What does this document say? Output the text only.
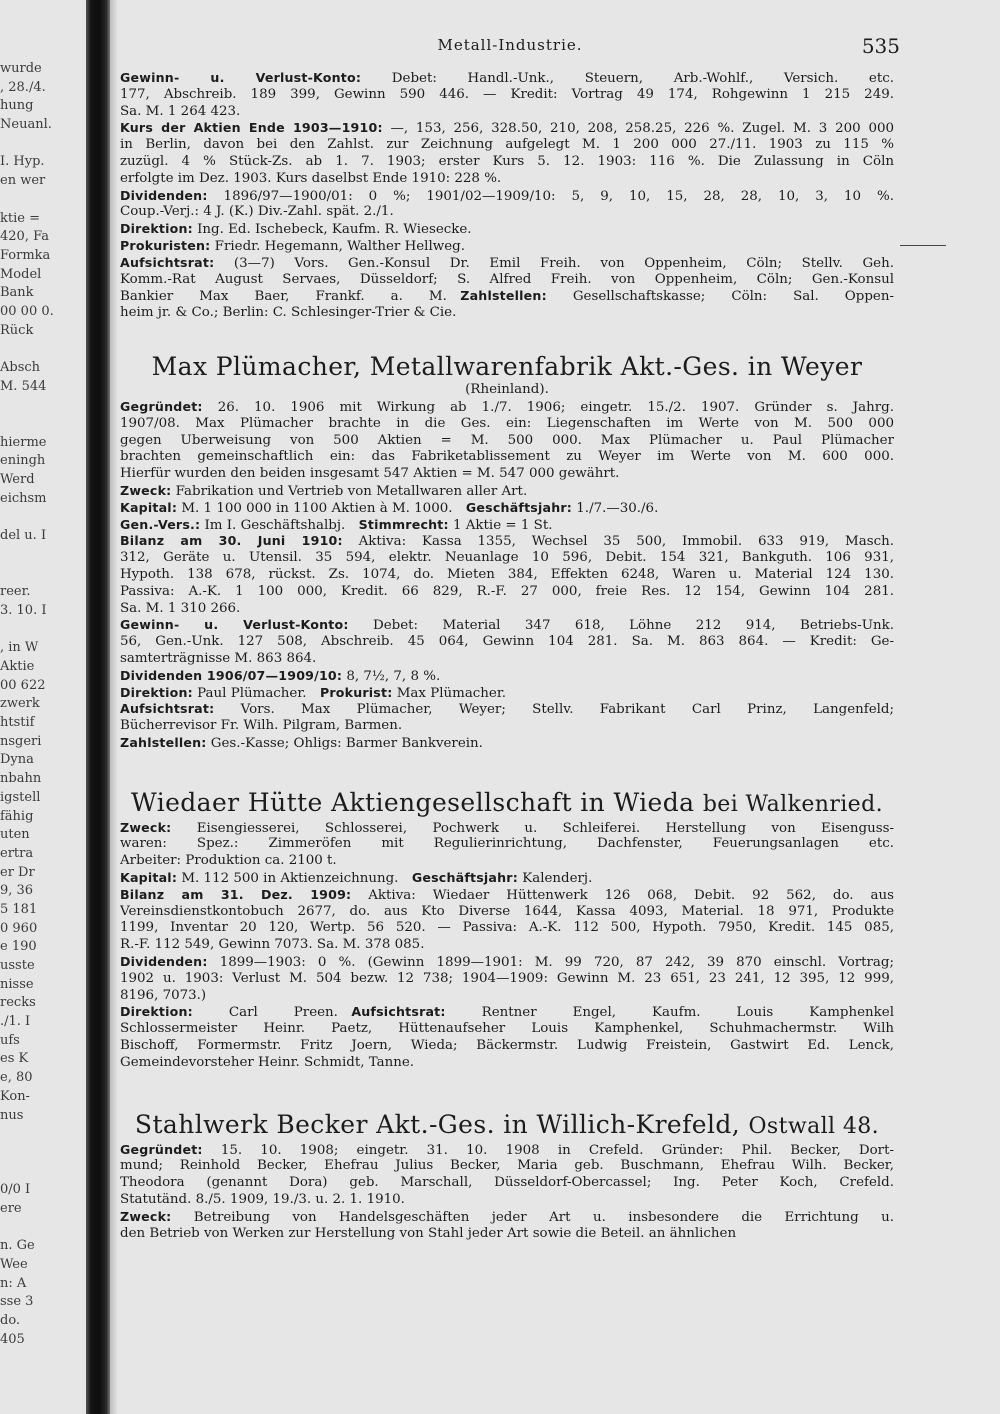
wurde
, 28./4.
hung
Neuanl.
I. Hyp.
en wer
ktie =
420, Fa
Formka
Model
Bank
00 00 0.
Rück
Absch
M. 544
hierme
eningh
Werd
eichsm
del u. I
reer.
3. 10. I
, in W
Aktie
00 622
zwerk
htstif
nsgeri
Dyna
nbahn
igstell
fähig
uten
ertra
er Dr
9, 36
5 181
0 960
e 190
usste
nisse
recks
./1. I
ufs
es K
e, 80
Kon-
nus
0/0 I
ere
n. Ge
Wee
n: A
sse 3
do.
405
Metall-Industrie.	535
Gewinn- u. Verlust-Konto: Debet: Handl.-Unk., Steuern, Arb.-Wohlf., Versich. etc.
177, Abschreib. 189 399, Gewinn 590 446. — Kredit: Vortrag 49 174, Rohgewinn 1 215 249.
Sa. M. 1 264 423.
Kurs der Aktien Ende 1903—1910: —, 153, 256, 328.50, 210, 208, 258.25, 226 %. Zugel. M. 3 200 000
in Berlin, davon bei den Zahlst. zur Zeichnung aufgelegt M. 1 200 000 27./11. 1903 zu 115 %
zuzügl. 4 % Stück-Zs. ab 1. 7. 1903; erster Kurs 5. 12. 1903: 116 %. Die Zulassung in Cöln
erfolgte im Dez. 1903. Kurs daselbst Ende 1910: 228 %.
Dividenden: 1896/97—1900/01: 0 %; 1901/02—1909/10: 5, 9, 10, 15, 28, 28, 10, 3, 10 %.
Coup.-Verj.: 4 J. (K.) Div.-Zahl. spät. 2./1.
Direktion: Ing. Ed. Ischebeck, Kaufm. R. Wiesecke.
Prokuristen: Friedr. Hegemann, Walther Hellweg.
Aufsichtsrat: (3—7) Vors. Gen.-Konsul Dr. Emil Freih. von Oppenheim, Cöln; Stellv. Geh.
Komm.-Rat August Servaes, Düsseldorf; S. Alfred Freih. von Oppenheim, Cöln; Gen.-Konsul
Bankier Max Baer, Frankf. a. M.  Zahlstellen: Gesellschaftskasse; Cöln: Sal. Oppen-
heim jr. & Co.; Berlin: C. Schlesinger-Trier & Cie.
Max Plümacher, Metallwarenfabrik Akt.-Ges. in Weyer
(Rheinland).
Gegründet: 26. 10. 1906 mit Wirkung ab 1./7. 1906; eingetr. 15./2. 1907. Gründer s. Jahrg.
1907/08. Max Plümacher brachte in die Ges. ein: Liegenschaften im Werte von M. 500 000
gegen Überweisung von 500 Aktien = M. 500 000. Max Plümacher u. Paul Plümacher
brachten gemeinschaftlich ein: das Fabriketablissement zu Weyer im Werte von M. 600 000.
Hierfür wurden den beiden insgesamt 547 Aktien = M. 547 000 gewährt.
Zweck: Fabrikation und Vertrieb von Metallwaren aller Art.
Kapital: M. 1 100 000 in 1100 Aktien à M. 1000.  Geschäftsjahr: 1./7.—30./6.
Gen.-Vers.: Im I. Geschäftshalbj.  Stimmrecht: 1 Aktie = 1 St.
Bilanz am 30. Juni 1910: Aktiva: Kassa 1355, Wechsel 35 500, Immobil. 633 919, Masch.
312, Geräte u. Utensil. 35 594, elektr. Neuanlage 10 596, Debit. 154 321, Bankguth. 106 931,
Hypoth. 138 678, rückst. Zs. 1074, do. Mieten 384, Effekten 6248, Waren u. Material 124 130.
Passiva: A.-K. 1 100 000, Kredit. 66 829, R.-F. 27 000, freie Res. 12 154, Gewinn 104 281.
Sa. M. 1 310 266.
Gewinn- u. Verlust-Konto: Debet: Material 347 618, Löhne 212 914, Betriebs-Unk.
56, Gen.-Unk. 127 508, Abschreib. 45 064, Gewinn 104 281. Sa. M. 863 864. — Kredit: Ge-
samterträgnisse M. 863 864.
Dividenden 1906/07—1909/10: 8, 7½, 7, 8 %.
Direktion: Paul Plümacher.  Prokurist: Max Plümacher.
Aufsichtsrat: Vors. Max Plümacher, Weyer; Stellv. Fabrikant Carl Prinz, Langenfeld;
Bücherrevisor Fr. Wilh. Pilgram, Barmen.
Zahlstellen: Ges.-Kasse; Ohligs: Barmer Bankverein.
Wiedaer Hütte Aktiengesellschaft in Wieda bei Walkenried.
Zweck: Eisengiesserei, Schlosserei, Pochwerk u. Schleiferei. Herstellung von Eisenguss-
waren: Spez.: Zimmeröfen mit Regulierinrichtung, Dachfenster, Feuerungsanlagen etc.
Arbeiter: Produktion ca. 2100 t.
Kapital: M. 112 500 in Aktienzeichnung.  Geschäftsjahr: Kalenderj.
Bilanz am 31. Dez. 1909: Aktiva: Wiedaer Hüttenwerk 126 068, Debit. 92 562, do. aus
Vereinsdienstkontobuch 2677, do. aus Kto Diverse 1644, Kassa 4093, Material. 18 971, Produkte
1199, Inventar 20 120, Wertp. 56 520. — Passiva: A.-K. 112 500, Hypoth. 7950, Kredit. 145 085,
R.-F. 112 549, Gewinn 7073. Sa. M. 378 085.
Dividenden: 1899—1903: 0 %. (Gewinn 1899—1901: M. 99 720, 87 242, 39 870 einschl. Vortrag;
1902 u. 1903: Verlust M. 504 bezw. 12 738; 1904—1909: Gewinn M. 23 651, 23 241, 12 395, 12 999,
8196, 7073.)
Direktion: Carl Preen.  Aufsichtsrat: Rentner Engel, Kaufm. Louis Kamphenkel
Schlossermeister Heinr. Paetz, Hüttenaufseher Louis Kamphenkel, Schuhmachermstr. Wilh
Bischoff, Formermstr. Fritz Joern, Wieda; Bäckermstr. Ludwig Freistein, Gastwirt Ed. Lenck,
Gemeindevorsteher Heinr. Schmidt, Tanne.
Stahlwerk Becker Akt.-Ges. in Willich-Krefeld, Ostwall 48.
Gegründet: 15. 10. 1908; eingetr. 31. 10. 1908 in Crefeld. Gründer: Phil. Becker, Dort-
mund; Reinhold Becker, Ehefrau Julius Becker, Maria geb. Buschmann, Ehefrau Wilh. Becker,
Theodora (genannt Dora) geb. Marschall, Düsseldorf-Obercassel; Ing. Peter Koch, Crefeld.
Statutänd. 8./5. 1909, 19./3. u. 2. 1. 1910.
Zweck: Betreibung von Handelsgeschäften jeder Art u. insbesondere die Errichtung u.
den Betrieb von Werken zur Herstellung von Stahl jeder Art sowie die Beteil. an ähnlichen
